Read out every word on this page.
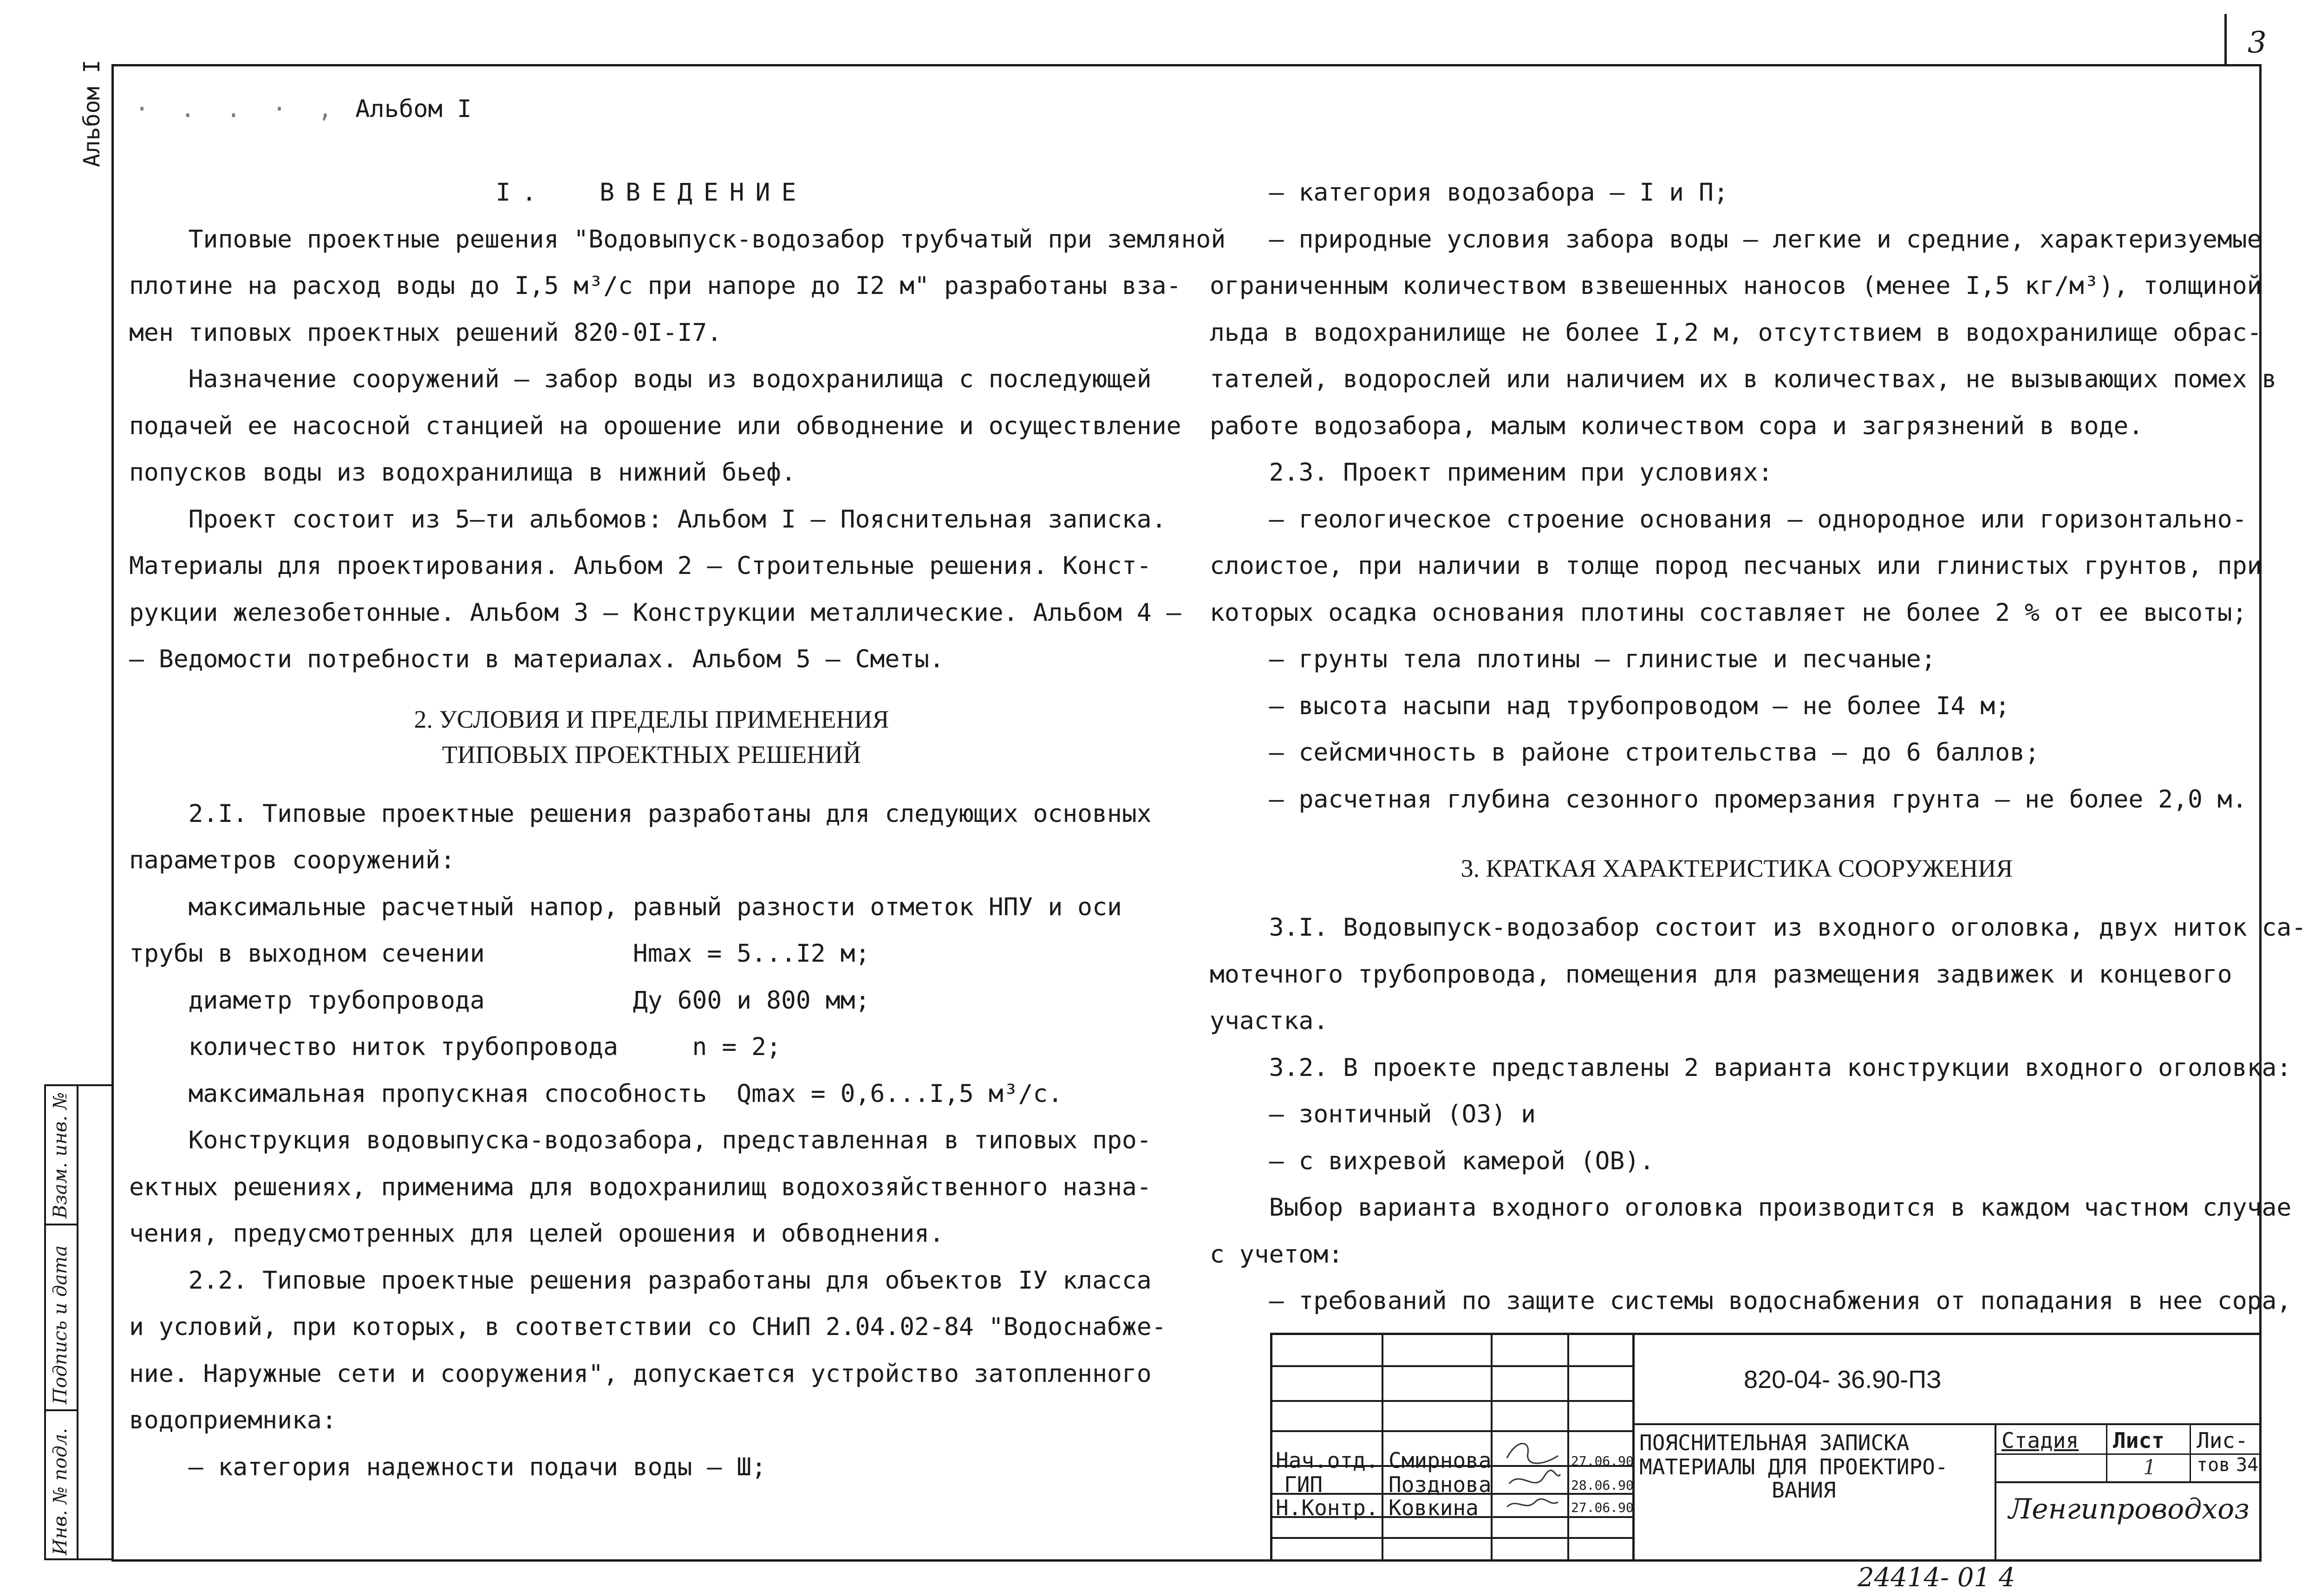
3
Альбом I · . . · , Альбом I

I.  ВВЕДЕНИЕ

Типовые проектные решения "Водовыпуск-водозабор трубчатый при земляной

плотине на расход воды до I,5 м³/с при напоре до I2 м" разработаны вза-

мен типовых проектных решений 820-0I-I7.

Назначение сооружений – забор воды из водохранилища с последующей

подачей ее насосной станцией на орошение или обводнение и осуществление

попусков воды из водохранилища в нижний бьеф.

Проект состоит из 5–ти альбомов: Альбом I – Пояснительная записка.

Материалы для проектирования. Альбом 2 – Строительные решения. Конст-

рукции железобетонные. Альбом 3 – Конструкции металлические. Альбом 4 –

– Ведомости потребности в материалах. Альбом 5 – Сметы.

2. УСЛОВИЯ И ПРЕДЕЛЫ ПРИМЕНЕНИЯ

ТИПОВЫХ ПРОЕКТНЫХ РЕШЕНИЙ

2.I. Типовые проектные решения разработаны для следующих основных

параметров сооружений:

максимальные расчетный напор, равный разности отметок НПУ и оси

трубы в выходном сечении          Hmax = 5...I2 м;

диаметр трубопровода          Ду 600 и 800 мм;

количество ниток трубопровода     n = 2;

максимальная пропускная способность  Qmax = 0,6...I,5 м³/с.

Конструкция водовыпуска-водозабора, представленная в типовых про-

ектных решениях, применима для водохранилищ водохозяйственного назна-

чения, предусмотренных для целей орошения и обводнения.

2.2. Типовые проектные решения разработаны для объектов IУ класса

и условий, при которых, в соответствии со СНиП 2.04.02-84 "Водоснабже-

ние. Наружные сети и сооружения", допускается устройство затопленного

водоприемника:

– категория надежности подачи воды – Ш;

– категория водозабора – I и П;

– природные условия забора воды – легкие и средние, характеризуемые

ограниченным количеством взвешенных наносов (менее I,5 кг/м³), толщиной

льда в водохранилище не более I,2 м, отсутствием в водохранилище обрас-

тателей, водорослей или наличием их в количествах, не вызывающих помех в

работе водозабора, малым количеством сора и загрязнений в воде.

2.3. Проект применим при условиях:

– геологическое строение основания – однородное или горизонтально-

слоистое, при наличии в толще пород песчаных или глинистых грунтов, при

которых осадка основания плотины составляет не более 2 % от ее высоты;

– грунты тела плотины – глинистые и песчаные;

– высота насыпи над трубопроводом – не более I4 м;

– сейсмичность в районе строительства – до 6 баллов;

– расчетная глубина сезонного промерзания грунта – не более 2,0 м.

3. КРАТКАЯ ХАРАКТЕРИСТИКА СООРУЖЕНИЯ

3.I. Водовыпуск-водозабор состоит из входного оголовка, двух ниток са-

мотечного трубопровода, помещения для размещения задвижек и концевого

участка.

3.2. В проекте представлены 2 варианта конструкции входного оголовка:

– зонтичный (ОЗ) и

– с вихревой камерой (ОВ).

Выбор варианта входного оголовка производится в каждом частном случае

с учетом:

– требований по защите системы водоснабжения от попадания в нее сора,

Взам. инв. №
Подпись и дата
Инв. № подл.
820-04- 36.90-ПЗ
ПОЯСНИТЕЛЬНАЯ ЗАПИСКА
МАТЕРИАЛЫ ДЛЯ ПРОЕКТИРО-
ВАНИЯ
Стадия Лист Лис-
тов 34
1
Ленгипроводхоз
Нач.отд. Смирнова	27.06.90
ГИП	Позднова	28.06.90
Н.Контр. Ковкина	27.06.90
24414- 01 4
